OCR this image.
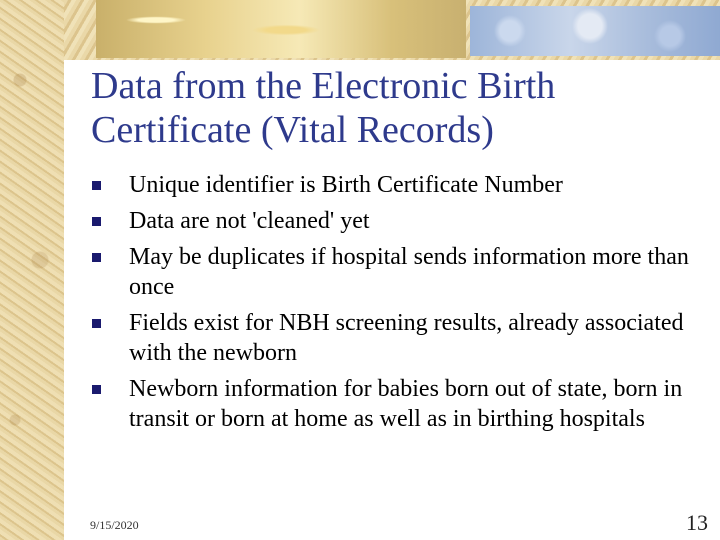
Data from the Electronic Birth
Certificate (Vital Records)
Unique identifier is Birth Certificate Number
Data are not 'cleaned' yet
May be duplicates if hospital sends information more than once
Fields exist for NBH screening results, already associated with the newborn
Newborn information for babies born out of state, born in transit or born at home as well as in birthing hospitals
9/15/2020	13
